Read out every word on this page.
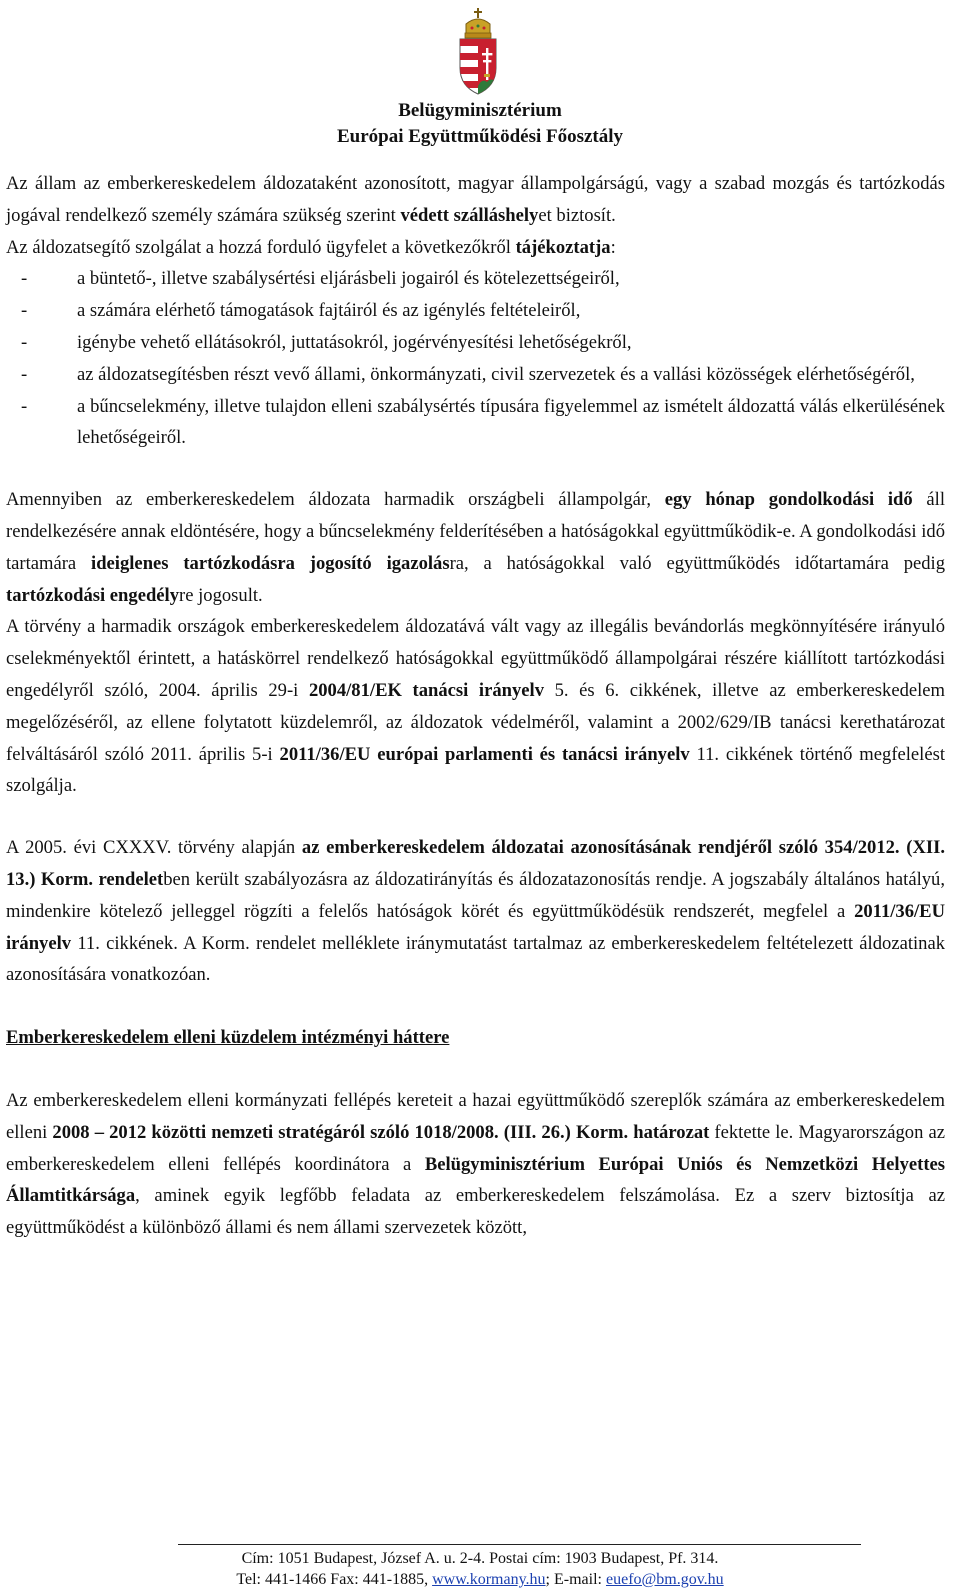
Belügyminisztérium
Európai Együttműködési Főosztály

Az állam az emberkereskedelem áldozataként azonosított, magyar állampolgárságú, vagy a szabad mozgás és tartózkodás jogával rendelkező személy számára szükség szerint védett szálláshelyet biztosít.

Az áldozatsegítő szolgálat a hozzá forduló ügyfelet a következőkről tájékoztatja:

-	a büntető-, illetve szabálysértési eljárásbeli jogairól és kötelezettségeiről,
-	a számára elérhető támogatások fajtáiról és az igénylés feltételeiről,
-	igénybe vehető ellátásokról, juttatásokról, jogérvényesítési lehetőségekről,
-	az áldozatsegítésben részt vevő állami, önkormányzati, civil szervezetek és a vallási közösségek elérhetőségéről,
-	a bűncselekmény, illetve tulajdon elleni szabálysértés típusára figyelemmel az ismételt áldozattá válás elkerülésének lehetőségeiről.

Amennyiben az emberkereskedelem áldozata harmadik országbeli állampolgár, egy hónap gondolkodási idő áll rendelkezésére annak eldöntésére, hogy a bűncselekmény felderítésében a hatóságokkal együttműködik-e. A gondolkodási idő tartamára ideiglenes tartózkodásra jogosító igazolásra, a hatóságokkal való együttműködés időtartamára pedig tartózkodási engedélyre jogosult.

A törvény a harmadik országok emberkereskedelem áldozatává vált vagy az illegális bevándorlás megkönnyítésére irányuló cselekményektől érintett, a hatáskörrel rendelkező hatóságokkal együttműködő állampolgárai részére kiállított tartózkodási engedélyről szóló, 2004. április 29-i 2004/81/EK tanácsi irányelv 5. és 6. cikkének, illetve az emberkereskedelem megelőzéséről, az ellene folytatott küzdelemről, az áldozatok védelméről, valamint a 2002/629/IB tanácsi kerethatározat felváltásáról szóló 2011. április 5-i 2011/36/EU európai parlamenti és tanácsi irányelv 11. cikkének történő megfelelést szolgálja.

A 2005. évi CXXXV. törvény alapján az emberkereskedelem áldozatai azonosításának rendjéről szóló 354/2012. (XII. 13.) Korm. rendeletben került szabályozásra az áldozatirányítás és áldozatazonosítás rendje. A jogszabály általános hatályú, mindenkire kötelező jelleggel rögzíti a felelős hatóságok körét és együttműködésük rendszerét, megfelel a 2011/36/EU irányelv 11. cikkének. A Korm. rendelet melléklete iránymutatást tartalmaz az emberkereskedelem feltételezett áldozatinak azonosítására vonatkozóan.

Emberkereskedelem elleni küzdelem intézményi háttere

Az emberkereskedelem elleni kormányzati fellépés kereteit a hazai együttműködő szereplők számára az emberkereskedelem elleni 2008 – 2012 közötti nemzeti stratégáról szóló 1018/2008. (III. 26.) Korm. határozat fektette le. Magyarországon az emberkereskedelem elleni fellépés koordinátora a Belügyminisztérium Európai Uniós és Nemzetközi Helyettes Államtitkársága, aminek egyik legfőbb feladata az emberkereskedelem felszámolása. Ez a szerv biztosítja az együttműködést a különböző állami és nem állami szervezetek között,

Cím: 1051 Budapest, József A. u. 2-4. Postai cím: 1903 Budapest, Pf. 314.
Tel: 441-1466 Fax: 441-1885, www.kormany.hu; E-mail: euefo@bm.gov.hu
